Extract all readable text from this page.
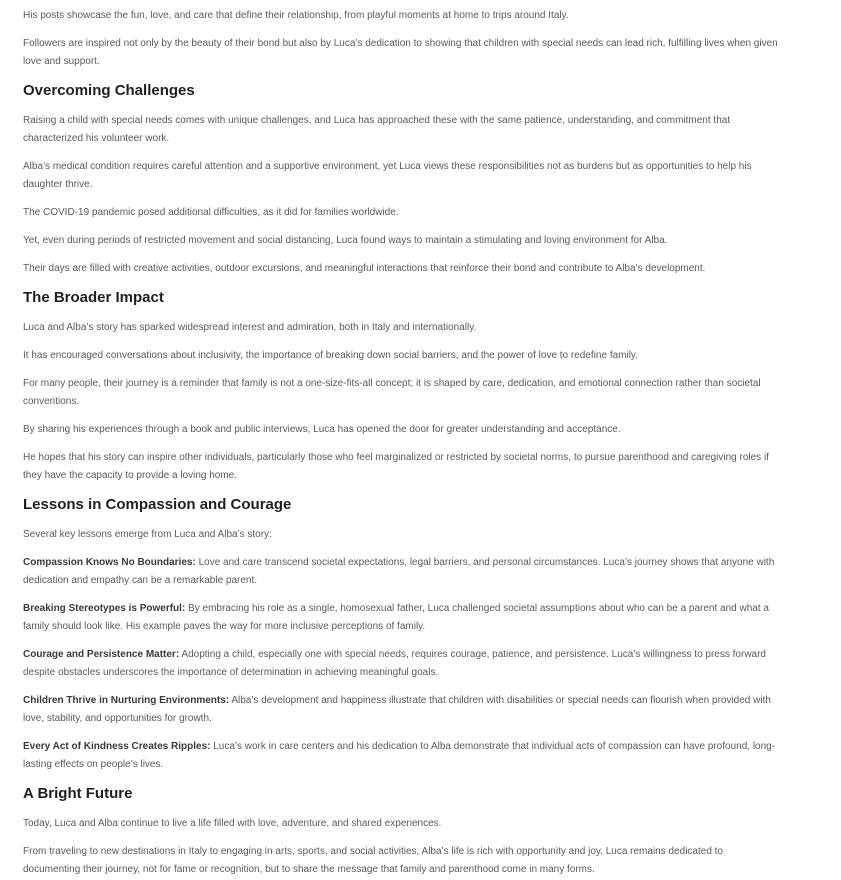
His posts showcase the fun, love, and care that define their relationship, from playful moments at home to trips around Italy.

Followers are inspired not only by the beauty of their bond but also by Luca’s dedication to showing that children with special needs can lead rich, fulfilling lives when given love and support.

Overcoming Challenges

Raising a child with special needs comes with unique challenges, and Luca has approached these with the same patience, understanding, and commitment that characterized his volunteer work.

Alba’s medical condition requires careful attention and a supportive environment, yet Luca views these responsibilities not as burdens but as opportunities to help his daughter thrive.

The COVID-19 pandemic posed additional difficulties, as it did for families worldwide.

Yet, even during periods of restricted movement and social distancing, Luca found ways to maintain a stimulating and loving environment for Alba.

Their days are filled with creative activities, outdoor excursions, and meaningful interactions that reinforce their bond and contribute to Alba’s development.

The Broader Impact

Luca and Alba’s story has sparked widespread interest and admiration, both in Italy and internationally.

It has encouraged conversations about inclusivity, the importance of breaking down social barriers, and the power of love to redefine family.

For many people, their journey is a reminder that family is not a one-size-fits-all concept; it is shaped by care, dedication, and emotional connection rather than societal conventions.

By sharing his experiences through a book and public interviews, Luca has opened the door for greater understanding and acceptance.

He hopes that his story can inspire other individuals, particularly those who feel marginalized or restricted by societal norms, to pursue parenthood and caregiving roles if they have the capacity to provide a loving home.

Lessons in Compassion and Courage

Several key lessons emerge from Luca and Alba’s story:

Compassion Knows No Boundaries: Love and care transcend societal expectations, legal barriers, and personal circumstances. Luca’s journey shows that anyone with dedication and empathy can be a remarkable parent.

Breaking Stereotypes is Powerful: By embracing his role as a single, homosexual father, Luca challenged societal assumptions about who can be a parent and what a family should look like. His example paves the way for more inclusive perceptions of family.

Courage and Persistence Matter: Adopting a child, especially one with special needs, requires courage, patience, and persistence. Luca’s willingness to press forward despite obstacles underscores the importance of determination in achieving meaningful goals.

Children Thrive in Nurturing Environments: Alba’s development and happiness illustrate that children with disabilities or special needs can flourish when provided with love, stability, and opportunities for growth.

Every Act of Kindness Creates Ripples: Luca’s work in care centers and his dedication to Alba demonstrate that individual acts of compassion can have profound, long-lasting effects on people’s lives.

A Bright Future

Today, Luca and Alba continue to live a life filled with love, adventure, and shared experiences.

From traveling to new destinations in Italy to engaging in arts, sports, and social activities, Alba’s life is rich with opportunity and joy. Luca remains dedicated to documenting their journey, not for fame or recognition, but to share the message that family and parenthood come in many forms.
